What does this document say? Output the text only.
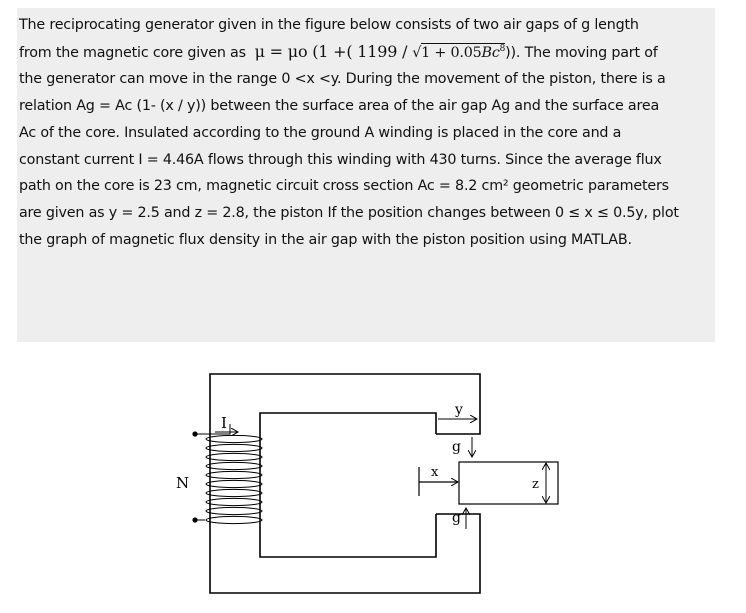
The reciprocating generator given in the figure below consists of two air gaps of g length
from the magnetic core given as μ = μo (1 +( $1199 / √1 + 0.05Bc^8$)). The moving part of
the generator can move in the range 0 <x <y. During the movement of the piston, there is a
relation Ag = Ac (1- (x / y)) between the surface area of the air gap Ag and the surface area
Ac of the core. Insulated according to the ground A winding is placed in the core and a
constant current I = 4.46A flows through this winding with 430 turns. Since the average flux
path on the core is 23 cm, magnetic circuit cross section Ac = 8.2 cm² geometric parameters
are given as y = 2.5 and z = 2.8, the piston If the position changes between 0 ≤ x ≤ 0.5y, plot
the graph of magnetic flux density in the air gap with the piston position using MATLAB.

I
N
y
g
x
z
g
